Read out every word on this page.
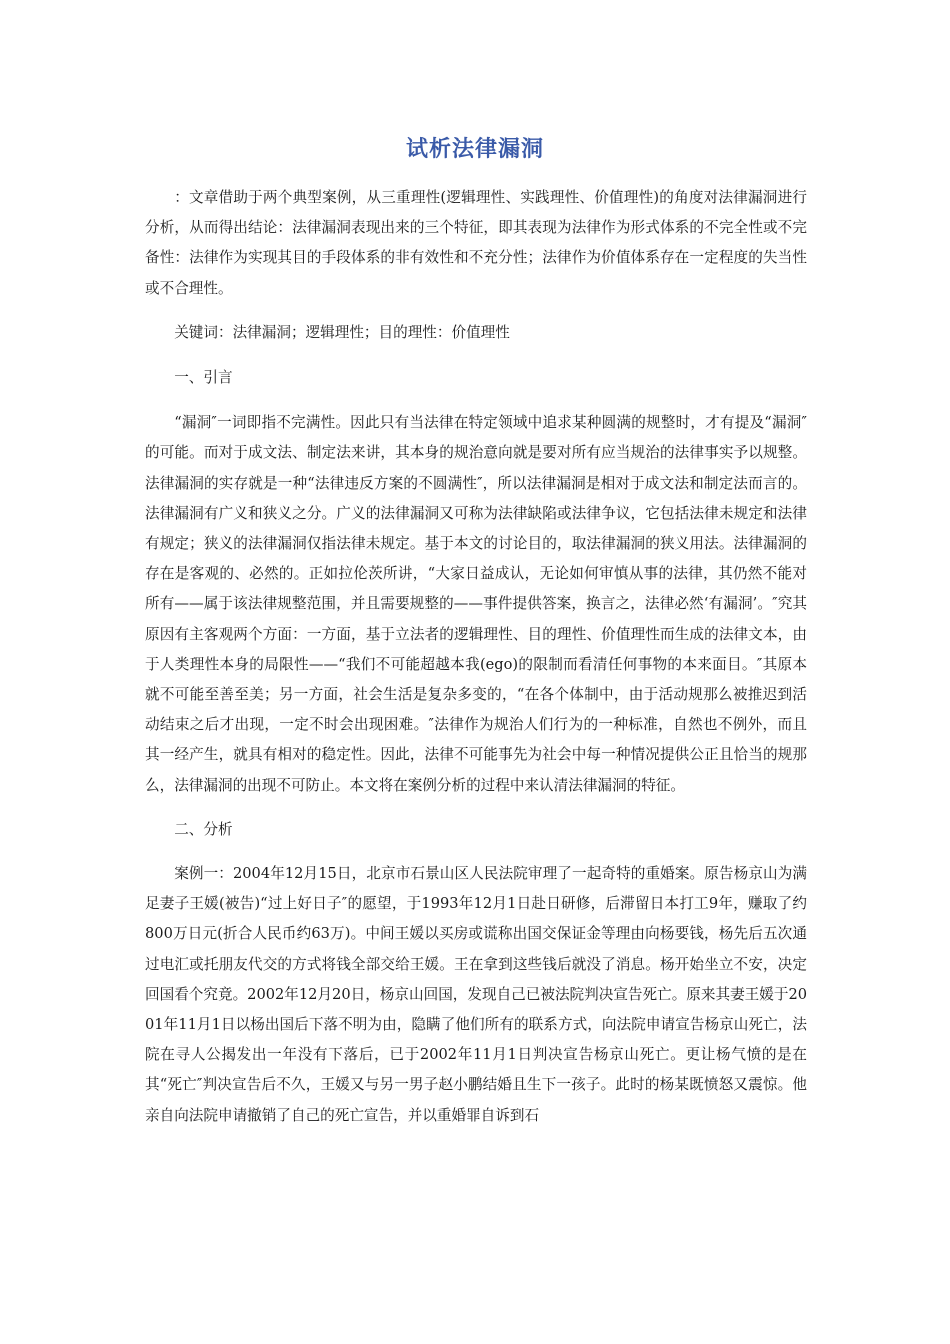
试析法律漏洞

：文章借助于两个典型案例，从三重理性(逻辑理性、实践理性、价值理性)的角度对法律漏洞进行分析，从而得出结论：法律漏洞表现出来的三个特征，即其表现为法律作为形式体系的不完全性或不完备性：法律作为实现其目的手段体系的非有效性和不充分性；法律作为价值体系存在一定程度的失当性或不合理性。

关键词：法律漏洞；逻辑理性；目的理性：价值理性

一、引言

“漏洞″一词即指不完满性。因此只有当法律在特定领域中追求某种圆满的规整时，才有提及“漏洞″的可能。而对于成文法、制定法来讲，其本身的规治意向就是要对所有应当规治的法律事实予以规整。法律漏洞的实存就是一种“法律违反方案的不圆满性″，所以法律漏洞是相对于成文法和制定法而言的。法律漏洞有广义和狭义之分。广义的法律漏洞又可称为法律缺陷或法律争议，它包括法律未规定和法律有规定；狭义的法律漏洞仅指法律未规定。基于本文的讨论目的，取法律漏洞的狭义用法。法律漏洞的存在是客观的、必然的。正如拉伦茨所讲，“大家日益成认，无论如何审慎从事的法律，其仍然不能对所有——属于该法律规整范围，并且需要规整的——事件提供答案，换言之，法律必然‘有漏洞’。″究其原因有主客观两个方面：一方面，基于立法者的逻辑理性、目的理性、价值理性而生成的法律文本，由于人类理性本身的局限性——“我们不可能超越本我(ego)的限制而看清任何事物的本来面目。″其原本就不可能至善至美；另一方面，社会生活是复杂多变的，“在各个体制中，由于活动规那么被推迟到活动结束之后才出现，一定不时会出现困难。″法律作为规治人们行为的一种标准，自然也不例外，而且其一经产生，就具有相对的稳定性。因此，法律不可能事先为社会中每一种情况提供公正且恰当的规那么，法律漏洞的出现不可防止。本文将在案例分析的过程中来认清法律漏洞的特征。

二、分析

案例一：2004年12月15日，北京市石景山区人民法院审理了一起奇特的重婚案。原告杨京山为满足妻子王媛(被告)“过上好日子″的愿望，于1993年12月1日赴日研修，后滞留日本打工9年，赚取了约800万日元(折合人民币约63万)。中间王媛以买房或谎称出国交保证金等理由向杨要钱，杨先后五次通过电汇或托朋友代交的方式将钱全部交给王媛。王在拿到这些钱后就没了消息。杨开始坐立不安，决定回国看个究竟。2002年12月20日，杨京山回国，发现自己已被法院判决宣告死亡。原来其妻王媛于2001年11月1日以杨出国后下落不明为由，隐瞒了他们所有的联系方式，向法院申请宣告杨京山死亡，法院在寻人公揭发出一年没有下落后，已于2002年11月1日判决宣告杨京山死亡。更让杨气愤的是在其“死亡″判决宣告后不久，王媛又与另一男子赵小鹏结婚且生下一孩子。此时的杨某既愤怒又震惊。他亲自向法院申请撤销了自己的死亡宣告，并以重婚罪自诉到石
